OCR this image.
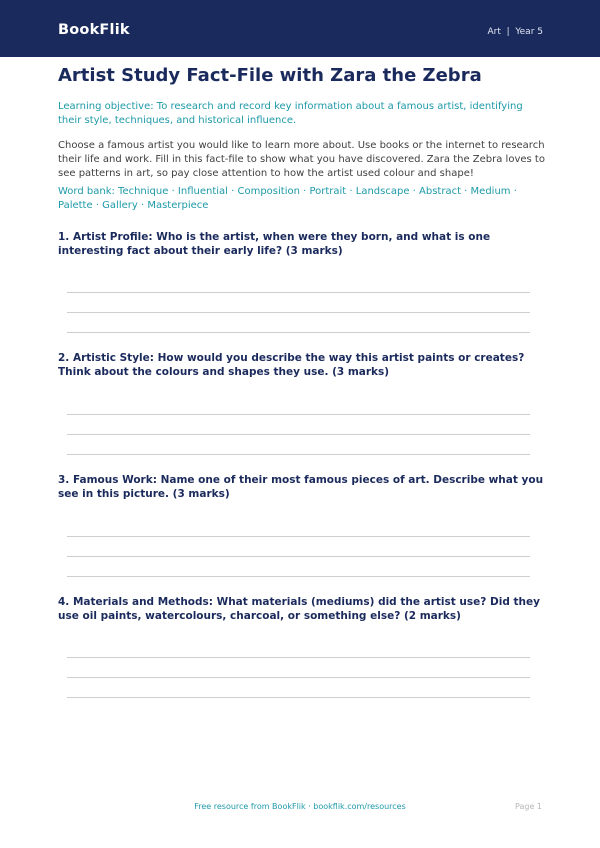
BookFlik	Art  |  Year 5
Artist Study Fact-File with Zara the Zebra
Learning objective: To research and record key information about a famous artist, identifying their style, techniques, and historical influence.
Choose a famous artist you would like to learn more about. Use books or the internet to research their life and work. Fill in this fact-file to show what you have discovered. Zara the Zebra loves to see patterns in art, so pay close attention to how the artist used colour and shape!
Word bank: Technique · Influential · Composition · Portrait · Landscape · Abstract · Medium · Palette · Gallery · Masterpiece
1. Artist Profile: Who is the artist, when were they born, and what is one interesting fact about their early life? (3 marks)
2. Artistic Style: How would you describe the way this artist paints or creates? Think about the colours and shapes they use. (3 marks)
3. Famous Work: Name one of their most famous pieces of art. Describe what you see in this picture. (3 marks)
4. Materials and Methods: What materials (mediums) did the artist use? Did they use oil paints, watercolours, charcoal, or something else? (2 marks)
Free resource from BookFlik · bookflik.com/resources	Page 1
